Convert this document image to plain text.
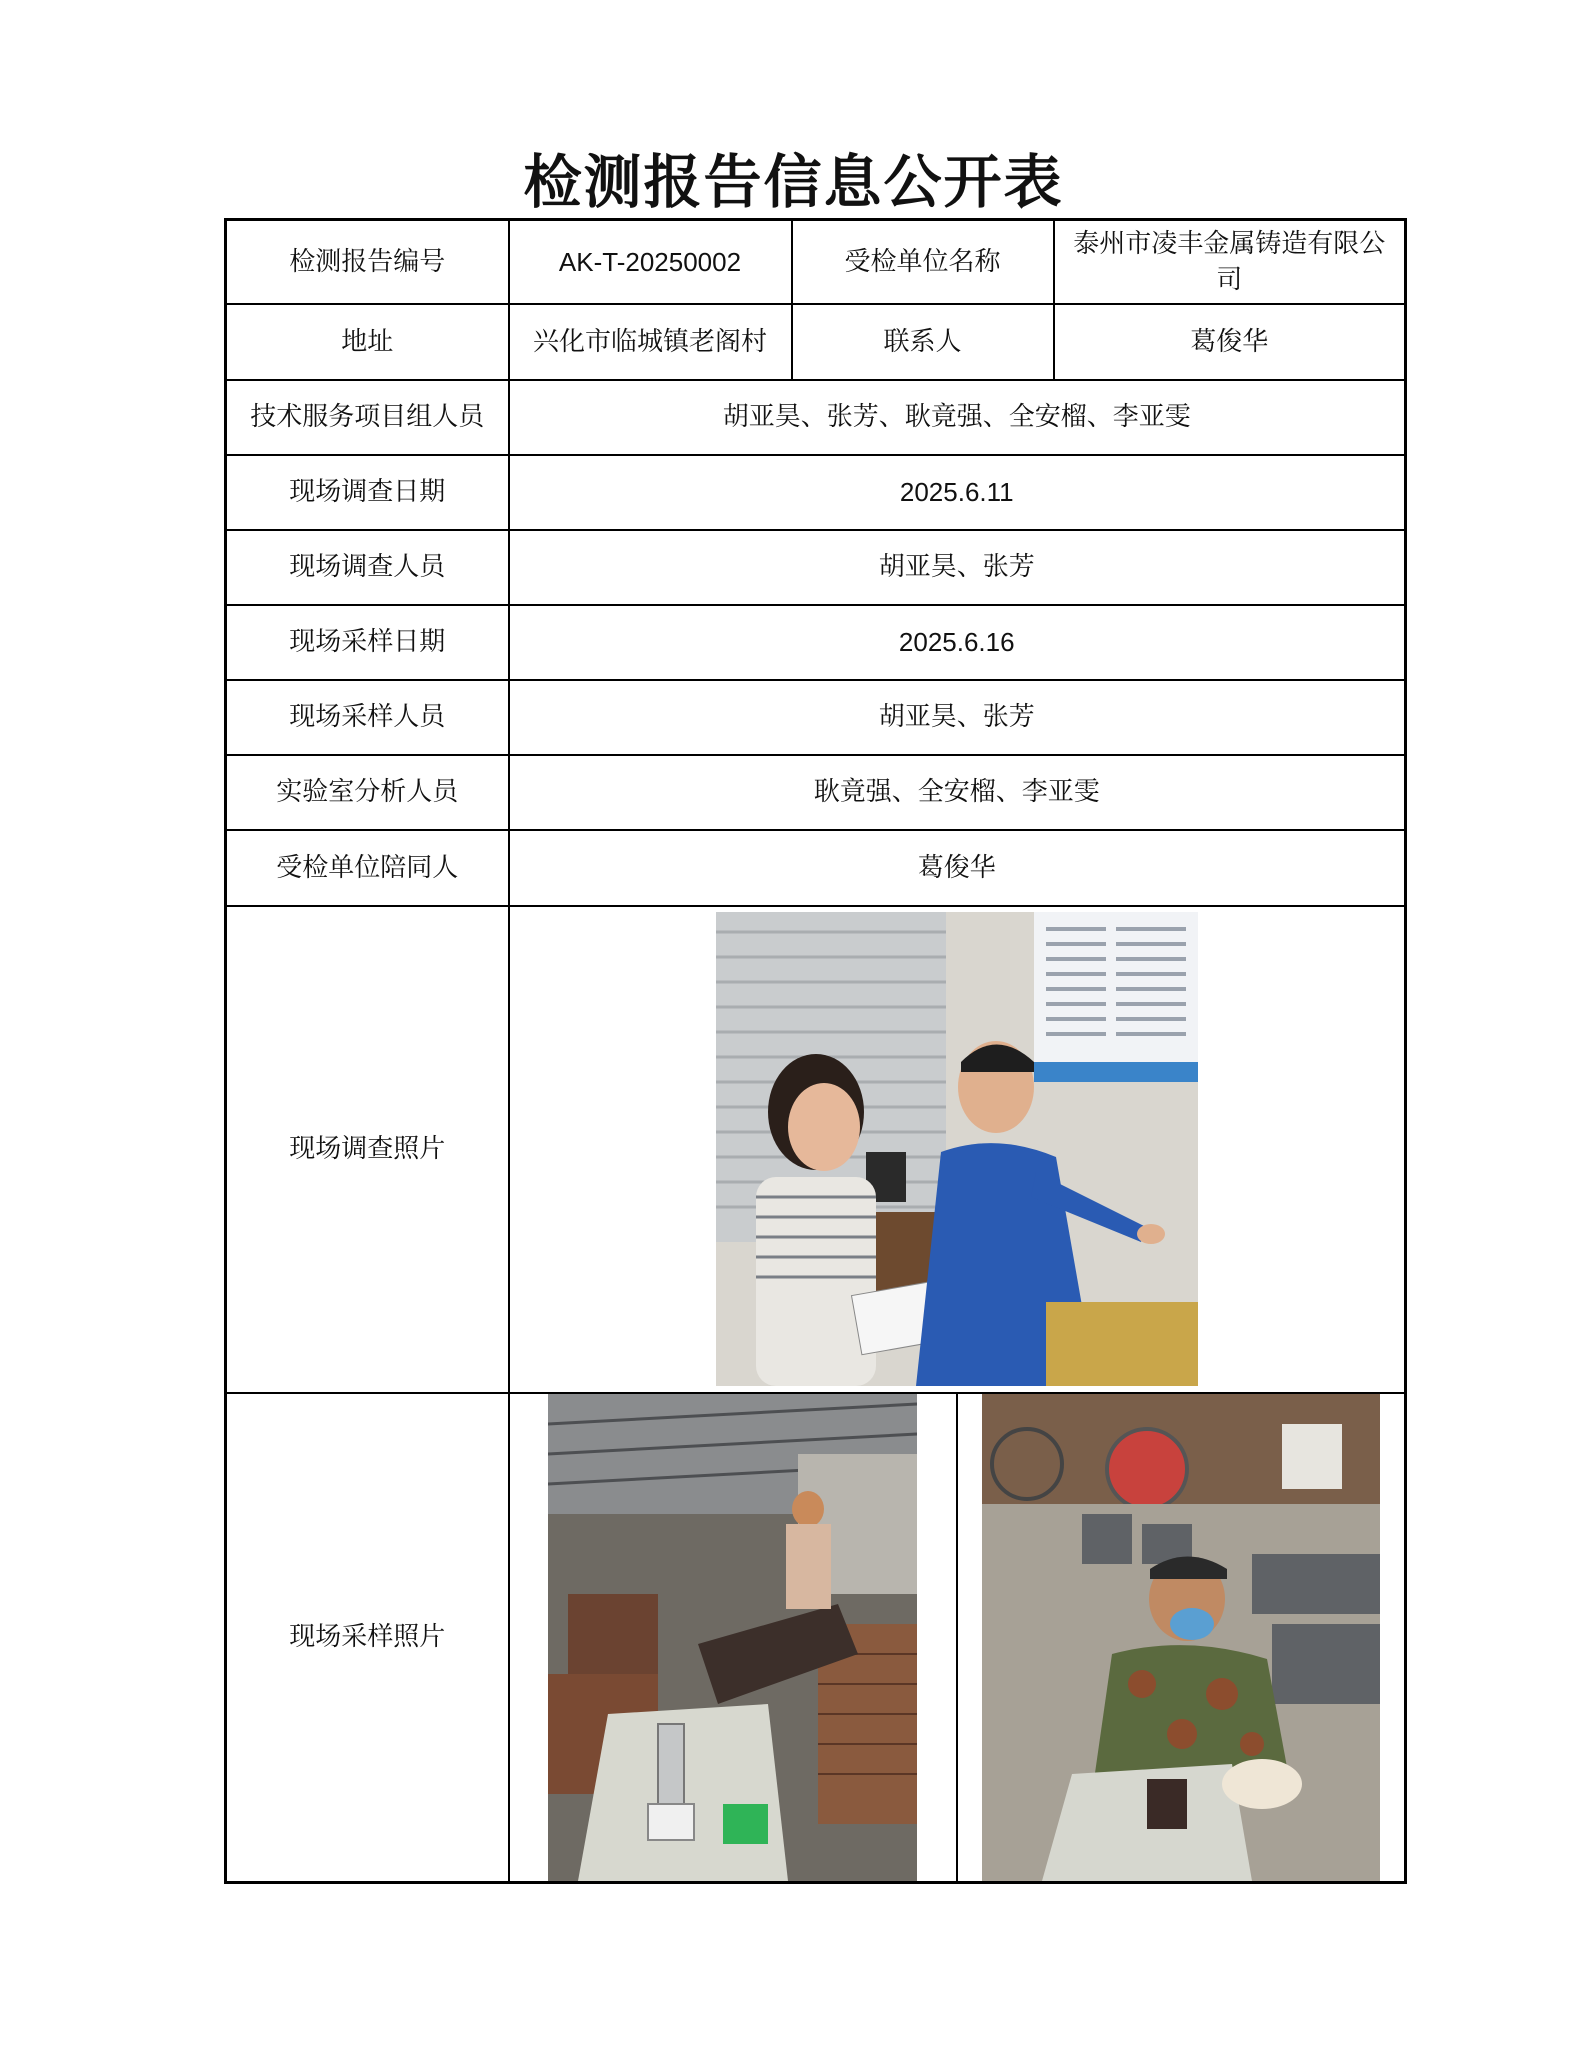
检测报告信息公开表
检测报告编号	AK-T-20250002	受检单位名称	泰州市凌丰金属铸造有限公司
地址	兴化市临城镇老阁村	联系人	葛俊华
技术服务项目组人员	胡亚昊、张芳、耿竟强、全安榴、李亚雯		
现场调查日期	2025.6.11		
现场调查人员	胡亚昊、张芳		
现场采样日期	2025.6.16		
现场采样人员	胡亚昊、张芳		
实验室分析人员	耿竟强、全安榴、李亚雯		
受检单位陪同人	葛俊华		
现场调查照片	

现场采样照片	
